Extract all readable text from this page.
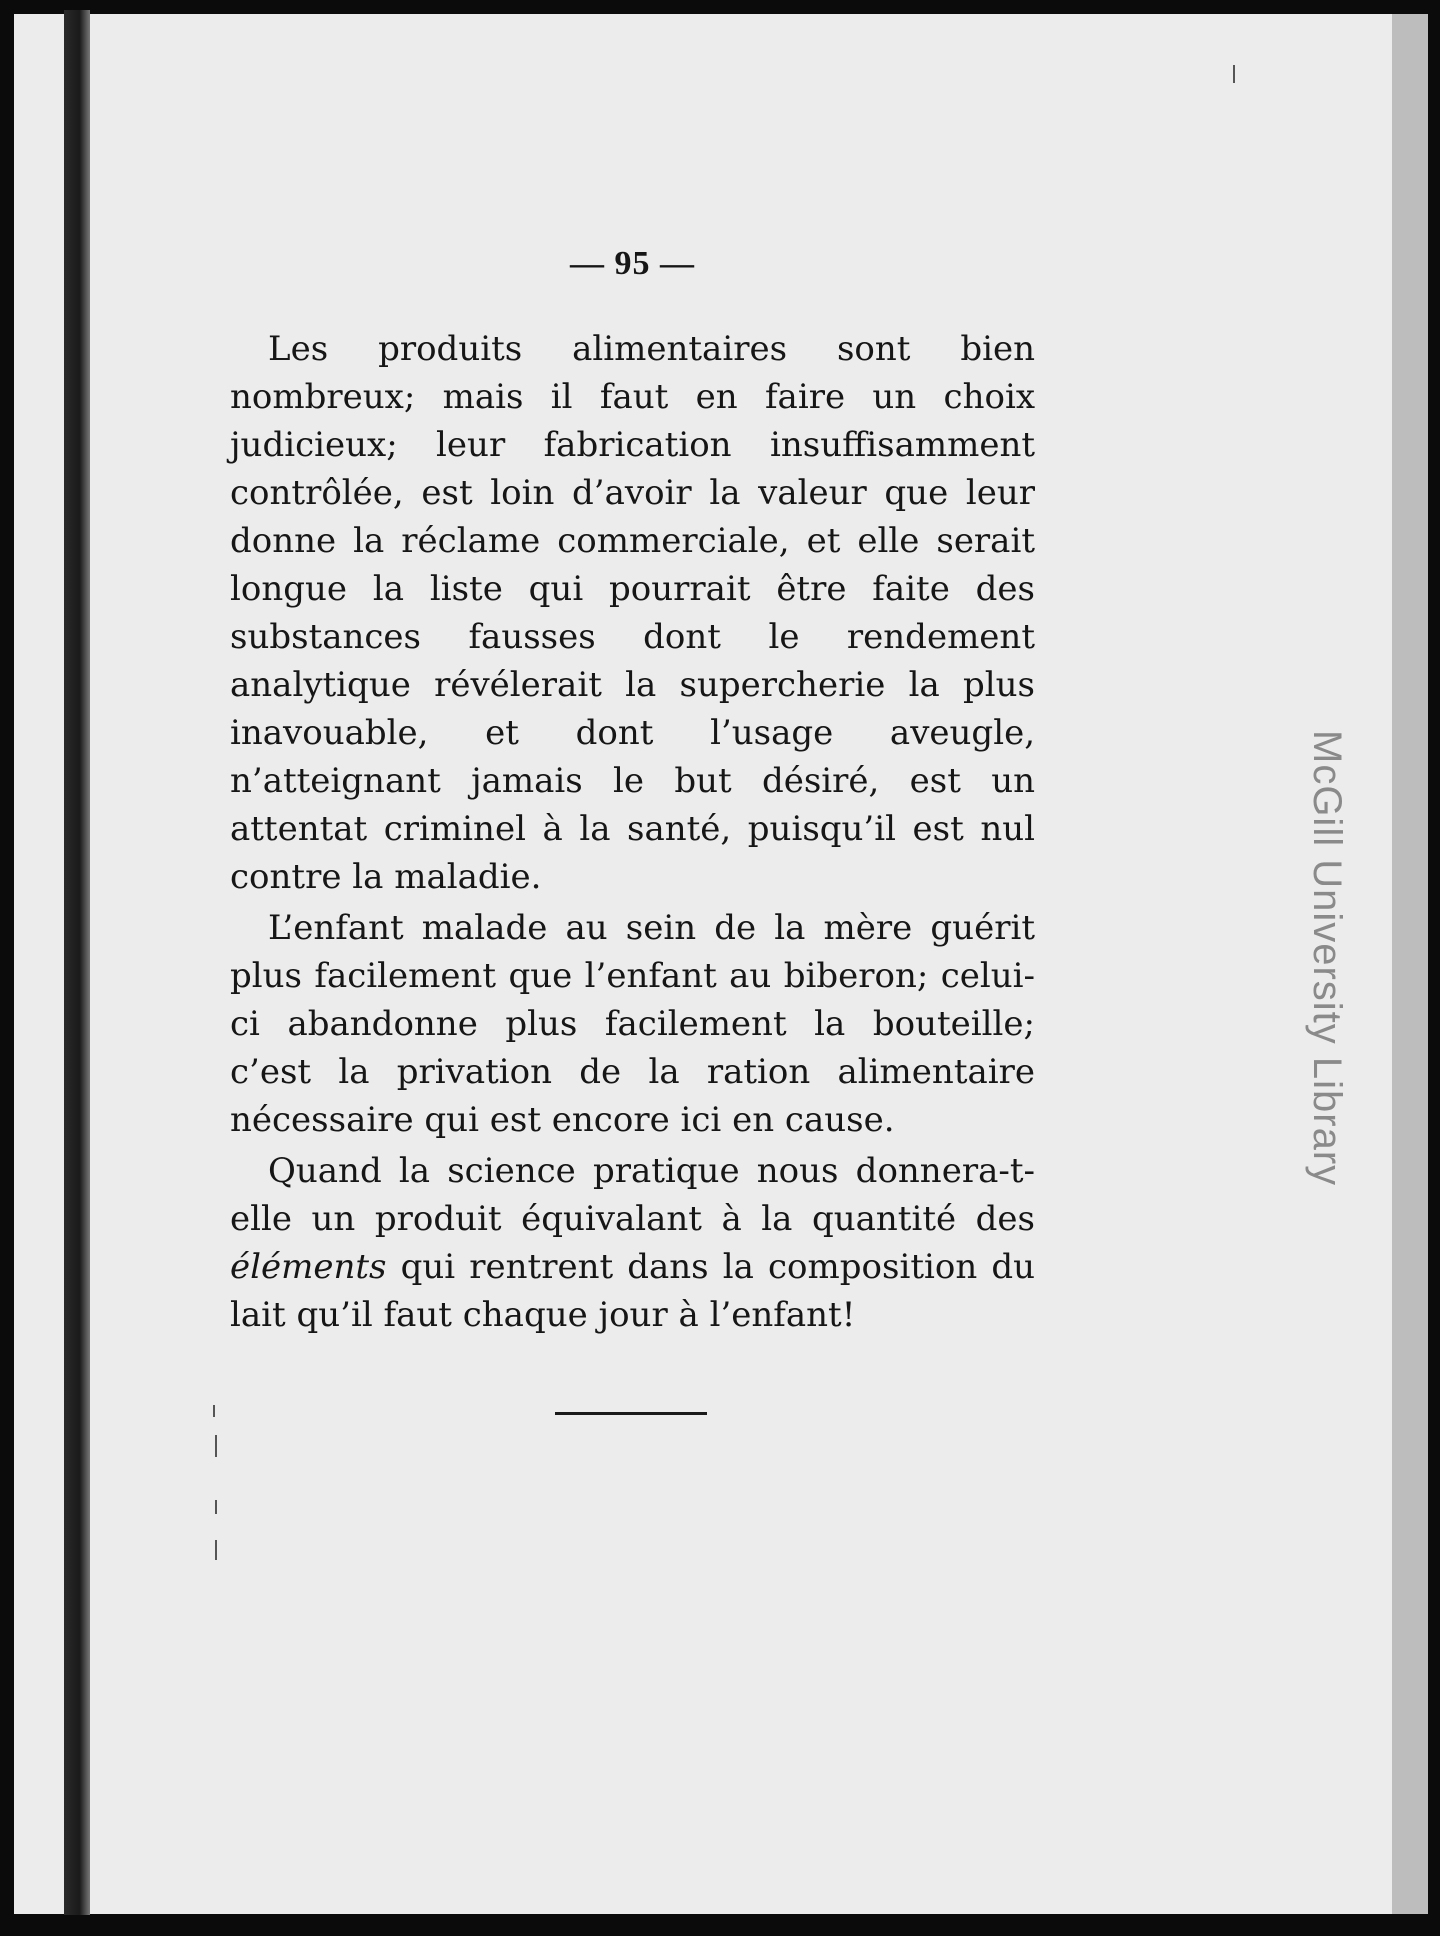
— 95 —

Les produits alimentaires sont bien nombreux; mais il faut en faire un choix judicieux; leur fabrication insuffisamment contrôlée, est loin d’avoir la valeur que leur donne la réclame commerciale, et elle serait longue la liste qui pourrait être faite des substances fausses dont le rendement analytique révélerait la supercherie la plus inavouable, et dont l’usage aveugle, n’atteignant jamais le but désiré, est un attentat criminel à la santé, puisqu’il est nul contre la maladie.

L’enfant malade au sein de la mère guérit plus facilement que l’enfant au biberon; celui-ci abandonne plus facilement la bouteille; c’est la privation de la ration alimentaire nécessaire qui est encore ici en cause.

Quand la science pratique nous donnera-t-elle un produit équivalant à la quantité des éléments qui rentrent dans la composition du lait qu’il faut chaque jour à l’enfant!

McGill University Library
